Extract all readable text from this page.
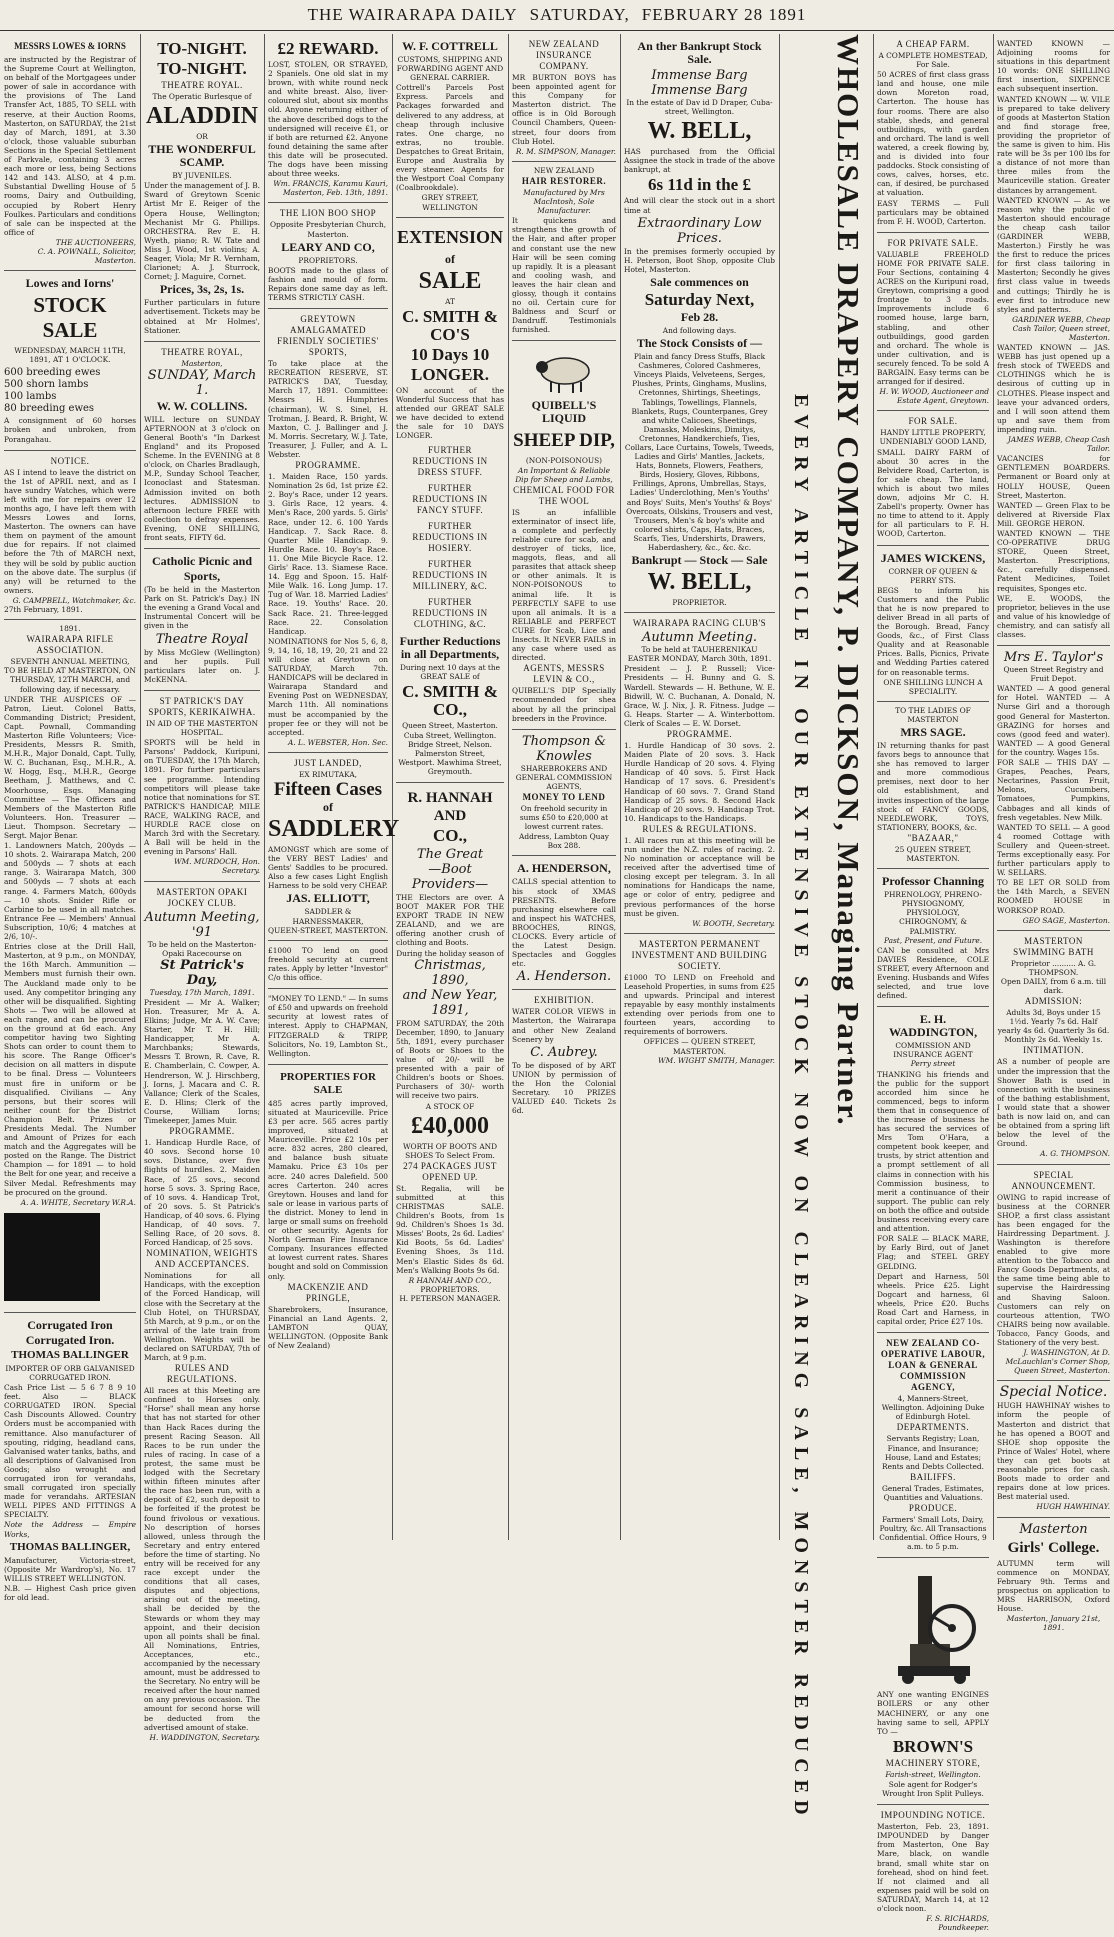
THE WAIRARAPA DAILY SATURDAY, FEBRUARY 28 1891
MESSRS LOWES & IORNS

are instructed by the Registrar of the Supreme Court at Wellington, on behalf of the Mortgagees under power of sale in accordance with the provisions of The Land Transfer Act, 1885, TO SELL with reserve, at their Auction Rooms, Masterton, on SATURDAY, the 21st day of March, 1891, at 3.30 o'clock, those valuable suburban Sections in the Special Settlement of Parkvale, containing 3 acres each more or less, being Sections 142 and 143. ALSO, at 4 p.m. Substantial Dwelling House of 5 rooms, Dairy and Outbuilding, occupied by Robert Henry Foulkes. Particulars and conditions of sale can be inspected at the office of

THE AUCTIONEERS,
C. A. POWNALL, Solicitor, Masterton.
Lowes and Iorns'
STOCK SALE
WEDNESDAY, MARCH 11TH, 1891, AT 1 O'CLOCK.
600 breeding ewes
500 shorn lambs
100 lambs
80 breeding ewes

A consignment of 60 horses broken and unbroken, from Porangahau.

NOTICE.

AS I intend to leave the district on the 1st of APRIL next, and as I have sundry Watches, which were left with me for repairs over 12 months ago, I have left them with Messrs Lowes and Iorns, Masterton. The owners can have them on payment of the amount due for repairs. If not claimed before the 7th of MARCH next, they will be sold by public auction on the above date. The surplus (if any) will be returned to the owners.

G. CAMPBELL, Watchmaker, &c.
27th February, 1891.
1891.
WAIRARAPA RIFLE ASSOCIATION.
SEVENTH ANNUAL MEETING, TO BE HELD AT MASTERTON, ON THURSDAY, 12TH MARCH, and following day, if necessary.

UNDER THE AUSPICES OF — Patron, Lieut. Colonel Batts, Commanding District; President, Capt. Pownall, Commanding Masterton Rifle Volunteers; Vice-Presidents, Messrs R. Smith, M.H.R., Major Donald, Capt. Tully, W. C. Buchanan, Esq., M.H.R., A. W. Hogg, Esq., M.H.R., George Beetham, J. Matthews, and C. Moorhouse, Esqs. Managing Committee — The Officers and Members of the Masterton Rifle Volunteers. Hon. Treasurer — Lieut. Thompson. Secretary — Sergt. Major Benar.

1. Landowners Match, 200yds — 10 shots. 2. Wairarapa Match, 200 and 500yds — 7 shots at each range. 3. Wairarapa Match, 300 and 500yds — 7 shots at each range. 4. Farmers Match, 600yds — 10 shots. Snider Rifle or Carbine to be used in all matches. Entrance Fee — Members' Annual Subscription, 10/6; 4 matches at 2/6, 10/-.

Entries close at the Drill Hall, Masterton, at 9 p.m., on MONDAY, the 16th March. Ammunition — Members must furnish their own. The Auckland made only to be used. Any competitor bringing any other will be disqualified. Sighting Shots — Two will be allowed at each range, and can be procured on the ground at 6d each. Any competitor having two Sighting Shots can order to count them to his score. The Range Officer's decision on all matters in dispute to be final. Dress — Volunteers must fire in uniform or be disqualified. Civilians — Any persons, but their scores will neither count for the District Champion Belt. Prizes or Presidents Medal. The Number and Amount of Prizes for each match and the Aggregates will be posted on the Range. The District Champion — for 1891 — to hold the Belt for one year, and receive a Silver Medal. Refreshments may be procured on the ground.

A. A. WHITE, Secretary W.R.A.
Corrugated Iron
Corrugated Iron.
THOMAS BALLINGER
IMPORTER OF ORB GALVANISED CORRUGATED IRON.

Cash Price List — 5 6 7 8 9 10 feet. Also — BLACK CORRUGATED IRON. Special Cash Discounts Allowed. Country Orders must be accompanied with remittance. Also manufacturer of spouting, ridging, headland cans, Galvanised water tanks, baths, and all descriptions of Galvanised Iron Goods; also wrought and corrugated iron for verandahs, small corrugated iron specially made for verandahs. ARTESIAN WELL PIPES AND FITTINGS A SPECIALTY.

Note the Address — Empire Works,

THOMAS BALLINGER,

Manufacturer, Victoria-street, (Opposite Mr Wardrop's), No. 17 WILLIS STREET WELLINGTON.

N.B. — Highest Cash price given for old lead.

TO-NIGHT.
TO-NIGHT.
THEATRE ROYAL.
The Operatic Burlesque of
ALADDIN
OR
THE WONDERFUL SCAMP.
BY JUVENILES.

Under the management of J. B. Sward of Greytown Scenic Artist Mr E. Reiger of the Opera House, Wellington; Mechanist Mr G. Phillips. ORCHESTRA. Rev E. H. Wyeth, piano; R. W. Tate and Miss J. Wood, 1st violins; A. Seager, Viola; Mr R. Vernham, Clarionet; A. J. Sturrock, Cornet; J. Maguire, Cornet.

Prices, 3s, 2s, 1s.

Further particulars in future advertisement. Tickets may be obtained at Mr Holmes', Stationer.

THEATRE ROYAL,
Masterton,
SUNDAY, March 1.
W. W. COLLINS.

WILL lecture on SUNDAY AFTERNOON at 3 o'clock on General Booth's "In Darkest England" and its Proposed Scheme. In the EVENING at 8 o'clock, on Charles Bradlaugh, M.P., Sunday School Teacher, Iconoclast and Statesman. Admission invited on both lectures. ADMISSION to afternoon lecture FREE with collection to defray expenses. Evening, ONE SHILLING, front seats, FIFTY 6d.

Catholic Picnic and
Sports,

(To be held in the Masterton Park on St. Patrick's Day.) IN the evening a Grand Vocal and Instrumental Concert will be given in the

Theatre Royal

by Miss McGlew (Wellington) and her pupils. Full particulars later on. J. McKENNA.

ST PATRICK'S DAY SPORTS, KERIKAIWHA.
IN AID OF THE MASTERTON HOSPITAL.

SPORTS will be held in Parsons' Paddock, Kuripuni, on TUESDAY, the 17th March, 1891. For further particulars see programme. Intending competitors will please take notice that nominations for ST. PATRICK'S HANDICAP, MILE RACE, WALKING RACE, and HURDLE RACE close on March 3rd with the Secretary. A Ball will be held in the evening in Parsons' Hall.

WM. MURDOCH, Hon. Secretary.
MASTERTON OPAKI JOCKEY CLUB.
Autumn Meeting, '91
To be held on the Masterton-Opaki Racecourse on
St Patrick's Day,
Tuesday, 17th March, 1891.

President — Mr A. Walker; Hon. Treasurer, Mr A. A. Elkins; Judge, Mr A. W. Cave; Starter, Mr T. H. Hill; Handicapper, Mr A. Marchbanks; Stewards, Messrs T. Brown, R. Cave, R. E. Chamberlain, C. Cowper, A. Hendrerson, W. J. Hirschberg, J. Iorns, J. Macara and C. R. Vallance; Clerk of the Scales, E. D. Hlins; Clerk of the Course, William Iorns; Timekeeper, James Muir.

PROGRAMME.

1. Handicap Hurdle Race, of 40 sovs. Second horse 10 sovs. Distance, over five flights of hurdles. 2. Maiden Race, of 25 sovs., second horse 5 sovs. 3. Spring Race, of 10 sovs. 4. Handicap Trot, of 20 sovs. 5. St Patrick's Handicap, of 40 sovs. 6. Flying Handicap, of 40 sovs. 7. Selling Race, of 20 sovs. 8. Forced Handicap, of 25 sovs.

NOMINATION, WEIGHTS AND ACCEPTANCES.

Nominations for all Handicaps, with the exception of the Forced Handicap, will close with the Secretary at the Club Hotel, on THURSDAY, 5th March, at 9 p.m., or on the arrival of the late train from Wellington. Weights will be declared on SATURDAY, 7th of March, at 9 p.m.

RULES AND REGULATIONS.

All races at this Meeting are confined to Horses only. "Horse" shall mean any horse that has not started for other than Hack Races during the present Racing Season. All Races to be run under the rules of racing. In case of a protest, the same must be lodged with the Secretary within fifteen minutes after the race has been run, with a deposit of £2, such deposit to be forfeited if the protest be found frivolous or vexatious. No description of horses allowed, unless through the Secretary and entry entered before the time of starting. No entry will be received for any race except under the conditions that all cases, disputes and objections, arising out of the meeting, shall be decided by the Stewards or whom they may appoint, and their decision upon all points shall be final. All Nominations, Entries, Acceptances, etc., accompanied by the necessary amount, must be addressed to the Secretary. No entry will be received after the hour named on any previous occasion. The amount for second horse will be deducted from the advertised amount of stake.

H. WADDINGTON, Secretary.
£2 REWARD.

LOST, STOLEN, OR STRAYED, 2 Spaniels. One old slat in my brown, with white round neck and white breast. Also, liver-coloured slut, about six months old. Anyone returning either of the above described dogs to the undersigned will receive £1, or if both are returned £2. Anyone found detaining the same after this date will be prosecuted. The dogs have been missing about three weeks.

Wm. FRANCIS, Karamu Kauri, Masterton, Feb. 13th, 1891.
THE LION BOO SHOP
Opposite Presbyterian Church, Masterton.
LEARY AND CO,
PROPRIETORS.

BOOTS made to the glass of fashion and mould of form. Repairs done same day as left. TERMS STRICTLY CASH.

GREYTOWN AMALGAMATED FRIENDLY SOCIETIES' SPORTS,

To take place at the RECREATION RESERVE, ST. PATRICK'S DAY, Tuesday, March 17, 1891. Committee: Messrs H. Humphries (chairman), W. S. Sinel, H. Trotman, J. Beard, R. Bright, W. Maxton, C. J. Ballinger and J. M. Morris. Secretary, W. J. Tate, Treasurer, J. Fuller, and A. L. Webster.

PROGRAMME.

1. Maiden Race, 150 yards. Nomination 2s 6d, 1st prize £2. 2. Boy's Race, under 12 years. 3. Girls Race, 12 years. 4. Men's Race, 200 yards. 5. Girls' Race, under 12. 6. 100 Yards Handicap. 7. Sack Race. 8. Quarter Mile Handicap. 9. Hurdle Race. 10. Boy's Race. 11. One Mile Bicycle Race. 12. Girls' Race. 13. Siamese Race. 14. Egg and Spoon. 15. Half-Mile Walk. 16. Long Jump. 17. Tug of War. 18. Married Ladies' Race. 19. Youths' Race. 20. Sack Race. 21. Three-legged Race. 22. Consolation Handicap.

NOMINATIONS for Nos 5, 6, 8, 9, 14, 16, 18, 19, 20, 21 and 22 will close at Greytown on SATURDAY, March 7th. HANDICAPS will be declared in Wairarapa Standard and Evening Post on WEDNESDAY, March 11th. All nominations must be accompanied by the proper fee or they will not be accepted.

A. L. WEBSTER, Hon. Sec.
JUST LANDED,
EX RIMUTAKA,
Fifteen Cases
of
SADDLERY

AMONGST which are some of the VERY BEST Ladies' and Gents' Saddles to be procured. Also a few cases Light English Harness to be sold very CHEAP.

JAS. ELLIOTT,
SADDLER & HARNESSMAKER,
QUEEN-STREET, MASTERTON.

£1000 TO lend on good freehold security at current rates. Apply by letter "Investor" C/o this office.

"MONEY TO LEND." — In sums of £50 and upwards on freehold security at lowest rates of interest. Apply to CHAPMAN, FITZGERALD & TRIPP, Solicitors, No. 19, Lambton St., Wellington.

PROPERTIES FOR SALE

485 acres partly improved, situated at Mauriceville. Price £3 per acre. 565 acres partly improved, situated at Mauriceville. Price £2 10s per acre. 832 acres, 280 cleared, and balance bush situate Mamaku. Price £3 10s per acre. 240 acres Dalefield. 500 acres Carterton. 240 acres Greytown. Houses and land for sale or lease in various parts of the district. Money to lend in large or small sums on freehold or other security. Agents for North German Fire Insurance Company. Insurances effected at lowest current rates. Shares bought and sold on Commission only.

MACKENZIE AND PRINGLE,

Sharebrokers, Insurance, Financial an Land Agents. 2, LAMBTON QUAY, WELLINGTON. (Opposite Bank of New Zealand)

W. F. COTTRELL
CUSTOMS, SHIPPING AND FORWARDING AGENT AND GENERAL CARRIER.

Cottrell's Parcels Post Express. Parcels and Packages forwarded and delivered to any address, at cheap through inclusive rates. One charge, no extras, no trouble. Despatches to Great Britain, Europe and Australia by every steamer. Agents for the Westport Coal Company (Coalbrookdale).

GREY STREET, WELLINGTON
EXTENSION
of
SALE
AT
C. SMITH & CO'S
10 Days 10
LONGER.

ON account of the Wonderful Success that has attended our GREAT SALE we have decided to extend the sale for 10 DAYS LONGER.

FURTHER REDUCTIONS IN DRESS STUFF.
FURTHER REDUCTIONS IN FANCY STUFF.
FURTHER REDUCTIONS IN HOSIERY.
FURTHER REDUCTIONS IN MILLINERY, &C.
FURTHER REDUCTIONS IN CLOTHING, &C.
Further Reductions in all Departments,
During next 10 days at the GREAT SALE of
C. SMITH & CO.,

Queen Street, Masterton. Cuba Street, Wellington. Bridge Street, Nelson. Palmerston Street, Westport. Mawhima Street, Greymouth.

R. HANNAH AND
CO.,
The Great
—Boot Providers—

THE Electors are over. A BOOT MAKER FOR THE EXPORT TRADE IN NEW ZEALAND, and we are offering another crush of clothing and Boots.

During the holiday season of
Christmas, 1890,
and New Year, 1891,

FROM SATURDAY, the 20th December, 1890, to January 5th, 1891, every purchaser of Boots or Shoes to the value of 20/- will be presented with a pair of Children's boots or Shoes. Purchasers of 30/- worth will receive two pairs.

A STOCK OF
£40,000
WORTH OF BOOTS AND SHOES To Select From.
274 PACKAGES JUST OPENED UP.

St. Regalia, will be submitted at this CHRISTMAS SALE. Children's Boots, from 1s 9d. Children's Shoes 1s 3d. Misses' Boots, 2s 6d. Ladies' Kid Boots, 5s 6d. Ladies' Evening Shoes, 3s 11d. Men's Elastic Sides 8s 6d. Men's Walking Boots 9s 6d.

R HANNAH AND CO.,
PROPRIETORS.
H. PETERSON MANAGER.
NEW ZEALAND INSURANCE COMPANY.

MR BURTON BOYS has been appointed agent for this Company for Masterton district. The office is in Old Borough Council Chambers, Queen-street, four doors from Club Hotel.

R. M. SIMPSON, Manager.
NEW ZEALAND
HAIR RESTORER.
Manufactured by Mrs MacIntosh, Sole Manufacturer.

It quickens and strengthens the growth of the Hair, and after proper and constant use the new Hair will be seen coming up rapidly. It is a pleasant and cooling wash, and leaves the hair clean and glossy, though it contains no oil. Certain cure for Baldness and Scurf or Dandruff. Testimonials furnished.

QUIBELL'S LIQUID
SHEEP DIP,
(NON-POISONOUS)
An Important & Reliable Dip for Sheep and Lambs,
CHEMICAL FOOD FOR THE WOOL

IS an infallible exterminator of insect life, a complete and perfectly reliable cure for scab, and destroyer of ticks, lice, maggots, fleas, and all parasites that attack sheep or other animals. It is NON-POISONOUS to animal life. It is PERFECTLY SAFE to use upon all animals. It is a RELIABLE and PERFECT CURE for Scab, Lice and Insects. It NEVER FAILS in any case where used as directed.

AGENTS, MESSRS LEVIN & CO.,

QUIBELL'S DIP Specially recommended for shea about by all the principal breeders in the Province.

Thompson & Knowles
SHAREBROKERS AND GENERAL COMMISSION AGENTS,
MONEY TO LEND

On freehold security in sums £50 to £20,000 at lowest current rates.

Address, Lambton Quay Box 288.
A. HENDERSON,

CALLS special attention to his stock of XMAS PRESENTS. Before purchasing elsewhere call and inspect his WATCHES, BROOCHES, RINGS, CLOCKS. Every article of the Latest Design. Spectacles and Goggles etc.

A. Henderson.
EXHIBITION.

WATER COLOR VIEWS in Masterton, the Wairarapa and other New Zealand Scenery by

C. Aubrey.

To be disposed of by ART UNION by permission of the Hon the Colonial Secretary. 10 PRIZES VALUED £40. Tickets 2s 6d.

An ther Bankrupt Stock Sale.
Immense Barg
Immense Barg
In the estate of Dav id D Draper, Cuba-street, Wellington.
W. BELL,

HAS purchased from the Official Assignee the stock in trade of the above bankrupt, at

6s 11d in the £

And will clear the stock out in a short time at

Extraordinary Low Prices.

In the premises formerly occupied by H. Peterson, Boot Shop, opposite Club Hotel, Masterton.

Sale commences on
Saturday Next,
Feb 28.
And following days.
The Stock Consists of —

Plain and fancy Dress Stuffs, Black Cashmeres, Colored Cashmeres, Vinceys Plaids, Velveteens, Serges, Plushes, Prints, Ginghams, Muslins, Cretonnes, Shirtings, Sheetings, Tablings, Towellings, Flannels, Blankets, Rugs, Counterpanes, Grey and white Calicoes, Sheetings, Damasks, Moleskins, Dimitys, Cretonnes, Handkerchiefs, Ties, Collars, Lace Curtains, Towels, Tweeds, Ladies and Girls' Mantles, Jackets, Hats, Bonnets, Flowers, Feathers, Birds, Hosiery, Gloves, Ribbons, Frillings, Aprons, Umbrellas, Stays, Ladies' Underclothing, Men's Youths' and Boys' Suits, Men's Youths' & Boys' Overcoats, Oilskins, Trousers and vest, Trousers, Men's & boy's white and colored shirts, Caps, Hats, Braces, Scarfs, Ties, Undershirts, Drawers, Haberdashery, &c., &c. &c.

Bankrupt — Stock — Sale
W. BELL,
PROPRIETOR.
WAIRARAPA RACING CLUB'S
Autumn Meeting.
To be held at TAUHERENIKAU
EASTER MONDAY, March 30th, 1891.

President — J. P. Russell; Vice-Presidents — H. Bunny and G. S. Wardell. Stewards — H. Bethune, W. E. Bidwill, W. C. Buchanan, A. Donald, N. Grace, W. J. Nix, J. R. Fitness. Judge — G. Heaps. Starter — A. Winterbottom. Clerk of Scales — E. W. Dorset.

PROGRAMME.

1. Hurdle Handicap of 30 sovs. 2. Maiden Plate of 20 sovs. 3. Hack Hurdle Handicap of 20 sovs. 4. Flying Handicap of 40 sovs. 5. First Hack Handicap of 17 sovs. 6. President's Handicap of 60 sovs. 7. Grand Stand Handicap of 25 sovs. 8. Second Hack Handicap of 20 sovs. 9. Handicap Trot. 10. Handicaps to the Handicaps.

RULES & REGULATIONS.

1. All races run at this meeting will be run under the N.Z. rules of racing. 2. No nomination or acceptance will be received after the advertised time of closing except per telegram. 3. In all nominations for Handicaps the name, age or color of entry, pedigree and previous performances of the horse must be given.

W. BOOTH, Secretary.
MASTERTON PERMANENT INVESTMENT AND BUILDING SOCIETY.

£1000 TO LEND on Freehold and Leasehold Properties, in sums from £25 and upwards. Principal and interest repayable by easy monthly instalments extending over periods from one to fourteen years, according to requirements of borrowers.

OFFICES — QUEEN STREET, MASTERTON.
WM. WIGHT SMITH, Manager. EVERY ARTICLE IN OUR EXTENSIVE STOCK NOW ON CLEARING SALE, MONSTER REDUCED WHOLESALE DRAPERY COMPANY, P. DICKSON, Managing Partner.	A CHEAP FARM.
A COMPLETE HOMESTEAD, For Sale.

50 ACRES of first class grass land and house, one mile down Moreton road, Carterton. The house has four rooms. There are also stable, sheds, and general outbuildings, with garden and orchard. The land is well watered, a creek flowing by, and is divided into four paddocks. Stock consisting of cows, calves, horses, etc. can, if desired, be purchased at valuation.

EASY TERMS — Full particulars may be obtained from F. H. WOOD, Carterton.

FOR PRIVATE SALE.

VALUABLE FREEHOLD HOME FOR PRIVATE SALE. Four Sections, containing 4 ACRES on the Kuripuni road, Greytown, comprising a good frontage to 3 roads. Improvements include 6 roomed house, large barn, stabling, and other outbuildings, good garden and orchard. The whole is under cultivation, and is securely fenced. To be sold A BARGAIN. Easy terms can be arranged for if desired.

H. W. WOOD, Auctioneer and Estate Agent, Greytown.
FOR SALE.
HANDY LITTLE PROPERTY,
UNDENIABLY GOOD LAND,

SMALL DAIRY FARM of about 30 acres in the Belvidere Road, Carterton, is for sale cheap. The land, which is about two miles down, adjoins Mr C. H. Zabell's property. Owner has no time to attend to it. Apply for all particulars to F. H. WOOD, Carterton.

JAMES WICKENS,
CORNER OF QUEEN & PERRY STS.

BEGS to inform his Customers and the Public that he is now prepared to deliver Bread in all parts of the Borough. Bread, Fancy Goods, &c., of First Class Quality and at Reasonable Prices. Balls, Picnics, Private and Wedding Parties catered for on reasonable terms.

ONE SHILLING LUNCH A SPECIALITY.
TO THE LADIES OF MASTERTON
MRS SAGE.

IN returning thanks for past favors begs to announce that she has removed to larger and more commodious premises, next door to her old establishment, and invites inspection of the large stock of FANCY GOODS, NEEDLEWORK, TOYS, STATIONERY, BOOKS, &c.

"BAZAAR,"
25 QUEEN STREET, MASTERTON.
Professor Channing
PHRENOLOGY, PHRENO-PHYSIOGNOMY, PHYSIOLOGY, CHIROGNOMY, & PALMISTRY.
Past, Present, and Future.

CAN be consulted at Mrs DAVIES Residence, COLE STREET, every Afternoon and Evening. Husbands and Wifes selected, and true love defined.

E. H. WADDINGTON,
COMMISSION AND INSURANCE AGENT
Perry street

THANKING his friends and the public for the support accorded him since he commenced, begs to inform them that in consequence of the increase of business he has secured the services of Mrs Tom O'Hara, a competent book keeper, and trusts, by strict attention and a prompt settlement of all claims in connection with his Commission business, to merit a continuance of their support. The public can rely on both the office and outside business receiving every care and attention.

FOR SALE — BLACK MARE, by Early Bird, out of Janet Flag; and STEEL GREY GELDING.

Depart and Harness, 50l wheels. Price £25. Light Dogcart and harness, 6l wheels, Price £20. Buchs Road Cart and Harness, in capital order, Price £27 10s.

NEW ZEALAND CO-OPERATIVE LABOUR, LOAN & GENERAL COMMISSION AGENCY,
4, Manners-Street, Wellington. Adjoining Duke of Edinburgh Hotel.
DEPARTMENTS.

Servants Registry; Loan, Finance, and Insurance; House, Land and Estates; Rents and Debts Collected.

BAILIFFS.

General Trades, Estimates, Quantities and Valuations.

PRODUCE.

Farmers' Small Lots, Dairy, Poultry, &c. All Transactions Confidential. Office Hours, 9 a.m. to 5 p.m.

ANY one wanting ENGINES BOILERS or any other MACHINERY, or any one having same to sell, APPLY TO —

BROWN'S
MACHINERY STORE,
Farish-street, Wellington.

Sole agent for Rodger's Wrought Iron Split Pulleys.

IMPOUNDING NOTICE.

Masterton, Feb. 23, 1891. IMPOUNDED by Danger from Masterton, One Bay Mare, black, on wandle brand, small white star on forehead, shod on hind feet. If not claimed and all expenses paid will be sold on SATURDAY, March 14, at 12 o'clock noon.

F. S. RICHARDS, Poundkeeper.

WANTED KNOWN — Adjoining rooms for situations in this department 10 words: ONE SHILLING first insertion, SIXPENCE each subsequent insertion.

WANTED KNOWN — W. VILE is prepared to take delivery of goods at Masterton Station and find storage free, providing the proprietor of the same is given to him. His rate will be 3s per 100 lbs for a distance of not more than three miles from the Mauriceville station. Greater distances by arrangement.

WANTED KNOWN — As we reason why the public of Masterton should encourage the cheap cash tailor (GARDINER WEBB, Masterton.) Firstly he was the first to reduce the prices for first class tailoring in Masterton; Secondly he gives first class value in tweeds and cuttings; Thirdly he is ever first to introduce new styles and patterns.

GARDINER WEBB, Cheap Cash Tailor, Queen street, Masterton.

WANTED KNOWN — JAS. WEBB has just opened up a fresh stock of TWEEDS and CLOTHINGS which he is desirous of cutting up in CLOTHES. Please inspect and leave your advanced orders, and I will soon attend them up and save them from impending ruin.

JAMES WEBB, Cheap Cash Tailor.

VACANCIES for GENTLEMEN BOARDERS. Permanent or Board only at HOLLY HOUSE, Queen Street, Masterton.

WANTED — Green Flax to be delivered at Riverside Flax Mill. GEORGE HERON.

WANTED KNOWN — THE CO-OPERATIVE DRUG STORE, Queen Street, Masterton. Prescriptions, &c., carefully dispensed. Patent Medicines, Toilet requisites, Sponges etc.

WE, E. WOODS, the proprietor, believes in the use and value of his knowledge of chemistry, and can satisfy all classes.

Mrs E. Taylor's
Queen Street Registry and Fruit Depot.

WANTED — A good general for Hotel. WANTED — A Nurse Girl and a thorough good General for Masterton. GRAZING for horses and cows (good feed and water). WANTED — A good General for the country. Wages 15s.

FOR SALE — THIS DAY — Grapes, Peaches, Pears, Nectarines, Passion Fruit, Melons, Cucumbers, Tomatoes, Pumpkins, Cabbages and all kinds of fresh vegetables. New Milk.

WANTED TO SELL — A good 4 roomed Cottage with Scullery and Queen-street. Terms exceptionally easy. For further particulars apply to W. SELLARS.

TO BE LET OR SOLD from the 14th March, a SEVEN ROOMED HOUSE in WORKSOP ROAD.

GEO SAGE, Masterton.
MASTERTON SWIMMING BATH
Proprietor .......... A. G. THOMPSON.
Open DAILY, from 6 a.m. till dark.
ADMISSION:

Adults 3d, Boys under 15 1½d. Yearly 7s 6d. Half yearly 4s 6d. Quarterly 3s 6d. Monthly 2s 6d. Weekly 1s.

INTIMATION.

AS a number of people are under the impression that the Shower Bath is used in connection with the business of the bathing establishment, I would state that a shower bath is now laid on, and can be obtained from a spring lift below the level of the Ground.

A. G. THOMPSON.
SPECIAL ANNOUNCEMENT.

OWING to rapid increase of business at the CORNER SHOP, a first class assistant has been engaged for the Hairdressing Department. J. Washington is therefore enabled to give more attention to the Tobacco and Fancy Goods Departments, at the same time being able to supervise the Hairdressing and Shaving Saloon. Customers can rely on courteous attention, TWO CHAIRS being now available. Tobacco, Fancy Goods, and Stationery of the very best.

J. WASHINGTON, At D. McLauchlan's Corner Shop, Queen Street, Masterton.
Special Notice.

HUGH HAWHINAY wishes to inform the people of Masterton and district that he has opened a BOOT and SHOE shop opposite the Prince of Wales' Hotel, where they can get boots at reasonable prices for cash. Boots made to order and repairs done at low prices. Best material used.

HUGH HAWHINAY.
Masterton
Girls' College.

AUTUMN term will commence on MONDAY, February 9th. Terms and prospectus on application to MRS HARRISON, Oxford House.

Masterton, January 21st, 1891.
